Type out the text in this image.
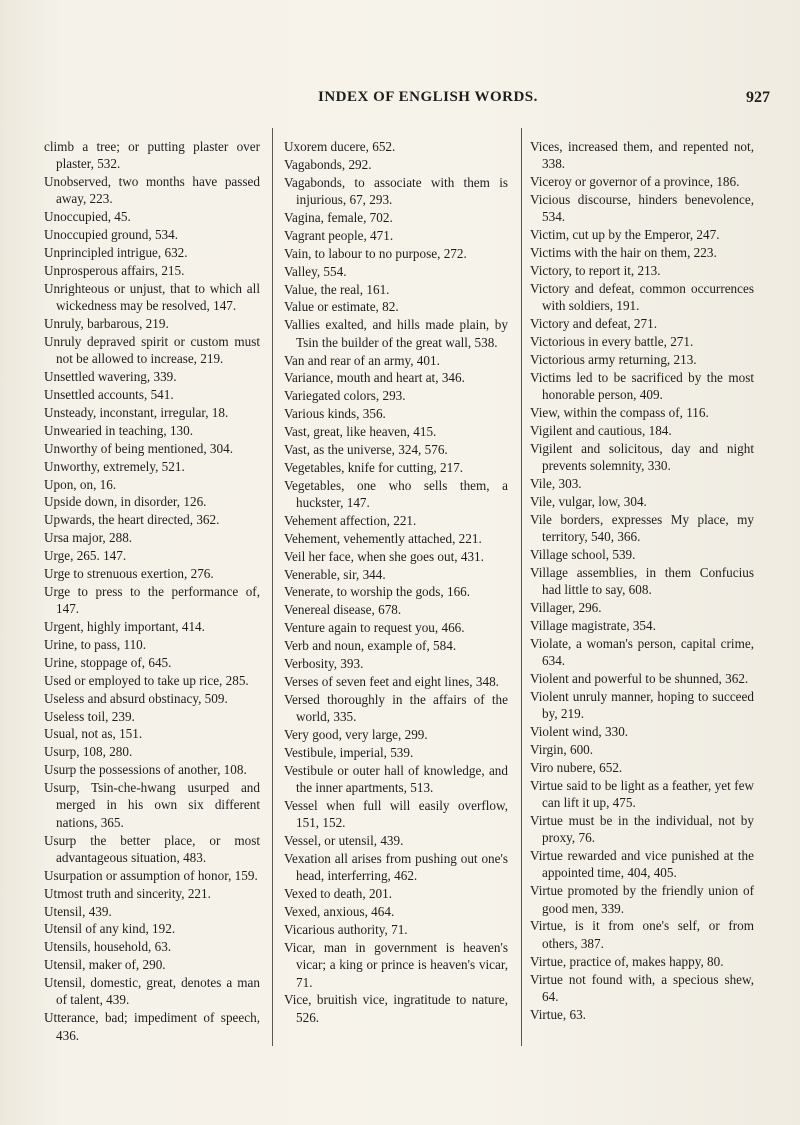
INDEX OF ENGLISH WORDS.	927

climb a tree; or putting plaster over plaster, 532.

Unobserved, two months have passed away, 223.

Unoccupied, 45.

Unoccupied ground, 534.

Unprincipled intrigue, 632.

Unprosperous affairs, 215.

Unrighteous or unjust, that to which all wickedness may be resolved, 147.

Unruly, barbarous, 219.

Unruly depraved spirit or custom must not be allowed to increase, 219.

Unsettled wavering, 339.

Unsettled accounts, 541.

Unsteady, inconstant, irregular, 18.

Unwearied in teaching, 130.

Unworthy of being mentioned, 304.

Unworthy, extremely, 521.

Upon, on, 16.

Upside down, in disorder, 126.

Upwards, the heart directed, 362.

Ursa major, 288.

Urge, 265. 147.

Urge to strenuous exertion, 276.

Urge to press to the performance of, 147.

Urgent, highly important, 414.

Urine, to pass, 110.

Urine, stoppage of, 645.

Used or employed to take up rice, 285.

Useless and absurd obstinacy, 509.

Useless toil, 239.

Usual, not as, 151.

Usurp, 108, 280.

Usurp the possessions of another, 108.

Usurp, Tsin-che-hwang usurped and merged in his own six different nations, 365.

Usurp the better place, or most advantageous situation, 483.

Usurpation or assumption of honor, 159.

Utmost truth and sincerity, 221.

Utensil, 439.

Utensil of any kind, 192.

Utensils, household, 63.

Utensil, maker of, 290.

Utensil, domestic, great, denotes a man of talent, 439.

Utterance, bad; impediment of speech, 436.

Uxorem ducere, 652.

Vagabonds, 292.

Vagabonds, to associate with them is injurious, 67, 293.

Vagina, female, 702.

Vagrant people, 471.

Vain, to labour to no purpose, 272.

Valley, 554.

Value, the real, 161.

Value or estimate, 82.

Vallies exalted, and hills made plain, by Tsin the builder of the great wall, 538.

Van and rear of an army, 401.

Variance, mouth and heart at, 346.

Variegated colors, 293.

Various kinds, 356.

Vast, great, like heaven, 415.

Vast, as the universe, 324, 576.

Vegetables, knife for cutting, 217.

Vegetables, one who sells them, a huckster, 147.

Vehement affection, 221.

Vehement, vehemently attached, 221.

Veil her face, when she goes out, 431.

Venerable, sir, 344.

Venerate, to worship the gods, 166.

Venereal disease, 678.

Venture again to request you, 466.

Verb and noun, example of, 584.

Verbosity, 393.

Verses of seven feet and eight lines, 348.

Versed thoroughly in the affairs of the world, 335.

Very good, very large, 299.

Vestibule, imperial, 539.

Vestibule or outer hall of knowledge, and the inner apartments, 513.

Vessel when full will easily overflow, 151, 152.

Vessel, or utensil, 439.

Vexation all arises from pushing out one's head, interferring, 462.

Vexed to death, 201.

Vexed, anxious, 464.

Vicarious authority, 71.

Vicar, man in government is heaven's vicar; a king or prince is heaven's vicar, 71.

Vice, bruitish vice, ingratitude to nature, 526.

Vices, increased them, and repented not, 338.

Viceroy or governor of a province, 186.

Vicious discourse, hinders benevolence, 534.

Victim, cut up by the Emperor, 247.

Victims with the hair on them, 223.

Victory, to report it, 213.

Victory and defeat, common occurrences with soldiers, 191.

Victory and defeat, 271.

Victorious in every battle, 271.

Victorious army returning, 213.

Victims led to be sacrificed by the most honorable person, 409.

View, within the compass of, 116.

Vigilent and cautious, 184.

Vigilent and solicitous, day and night prevents solemnity, 330.

Vile, 303.

Vile, vulgar, low, 304.

Vile borders, expresses My place, my territory, 540, 366.

Village school, 539.

Village assemblies, in them Confucius had little to say, 608.

Villager, 296.

Village magistrate, 354.

Violate, a woman's person, capital crime, 634.

Violent and powerful to be shunned, 362.

Violent unruly manner, hoping to succeed by, 219.

Violent wind, 330.

Virgin, 600.

Viro nubere, 652.

Virtue said to be light as a feather, yet few can lift it up, 475.

Virtue must be in the individual, not by proxy, 76.

Virtue rewarded and vice punished at the appointed time, 404, 405.

Virtue promoted by the friendly union of good men, 339.

Virtue, is it from one's self, or from others, 387.

Virtue, practice of, makes happy, 80.

Virtue not found with, a specious shew, 64.

Virtue, 63.
